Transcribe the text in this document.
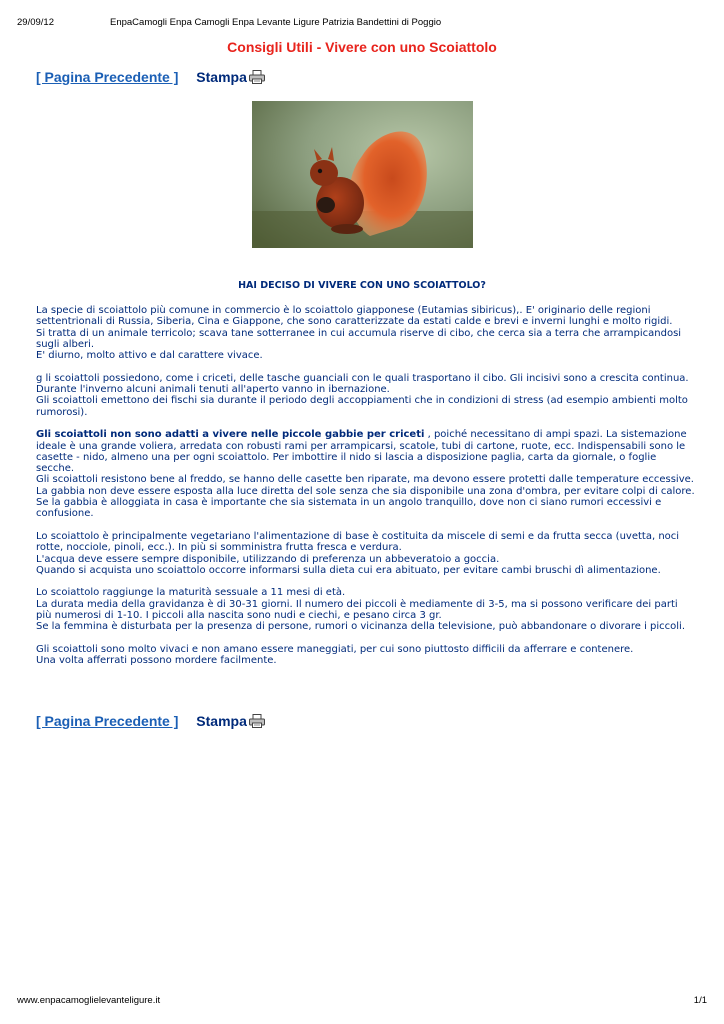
29/09/12	EnpaCamogli Enpa Camogli Enpa Levante Ligure Patrizia Bandettini di Poggio
Consigli Utili - Vivere con uno Scoiattolo
[ Pagina Precedente ] Stampa
HAI DECISO DI VIVERE CON UNO SCOIATTOLO?

La specie di scoiattolo più comune in commercio è lo scoiattolo giapponese (Eutamias sibiricus),. E' originario delle regioni settentrionali di Russia, Siberia, Cina e Giappone, che sono caratterizzate da estati calde e brevi e inverni lunghi e molto rigidi.
Si tratta di un animale terricolo; scava tane sotterranee in cui accumula riserve di cibo, che cerca sia a terra che arrampicandosi sugli alberi.
E' diurno, molto attivo e dal carattere vivace.

g li scoiattoli possiedono, come i criceti, delle tasche guanciali con le quali trasportano il cibo. Gli incisivi sono a crescita continua. Durante l'inverno alcuni animali tenuti all'aperto vanno in ibernazione.
Gli scoiattoli emettono dei fischi sia durante il periodo degli accoppiamenti che in condizioni di stress (ad esempio ambienti molto rumorosi).

Gli scoiattoli non sono adatti a vivere nelle piccole gabbie per criceti , poiché necessitano di ampi spazi. La sistemazione ideale è una grande voliera, arredata con robusti rami per arrampicarsi, scatole, tubi di cartone, ruote, ecc. Indispensabili sono le casette - nido, almeno una per ogni scoiattolo. Per imbottire il nido si lascia a disposizione paglia, carta da giornale, o foglie secche.
Gli scoiattoli resistono bene al freddo, se hanno delle casette ben riparate, ma devono essere protetti dalle temperature eccessive. La gabbia non deve essere esposta alla luce diretta del sole senza che sia disponibile una zona d'ombra, per evitare colpi di calore.
Se la gabbia è alloggiata in casa è importante che sia sistemata in un angolo tranquillo, dove non ci siano rumori eccessivi e confusione.

Lo scoiattolo è principalmente vegetariano l'alimentazione di base è costituita da miscele di semi e da frutta secca (uvetta, noci rotte, nocciole, pinoli, ecc.). In più si somministra frutta fresca e verdura.
L'acqua deve essere sempre disponibile, utilizzando di preferenza un abbeveratoio a goccia.
Quando si acquista uno scoiattolo occorre informarsi sulla dieta cui era abituato, per evitare cambi bruschi dì alimentazione.

Lo scoiattolo raggiunge la maturità sessuale a 11 mesi di età.
La durata media della gravidanza è di 30-31 giorni. Il numero dei piccoli è mediamente di 3-5, ma si possono verificare dei parti più numerosi di 1-10. I piccoli alla nascita sono nudi e ciechi, e pesano circa 3 gr.
Se la femmina è disturbata per la presenza di persone, rumori o vicinanza della televisione, può abbandonare o divorare i piccoli.

Gli scoiattoli sono molto vivaci e non amano essere maneggiati, per cui sono piuttosto difficili da afferrare e contenere.
Una volta afferrati possono mordere facilmente.

[ Pagina Precedente ] Stampa
www.enpacamoglielevanteligure.it	1/1
